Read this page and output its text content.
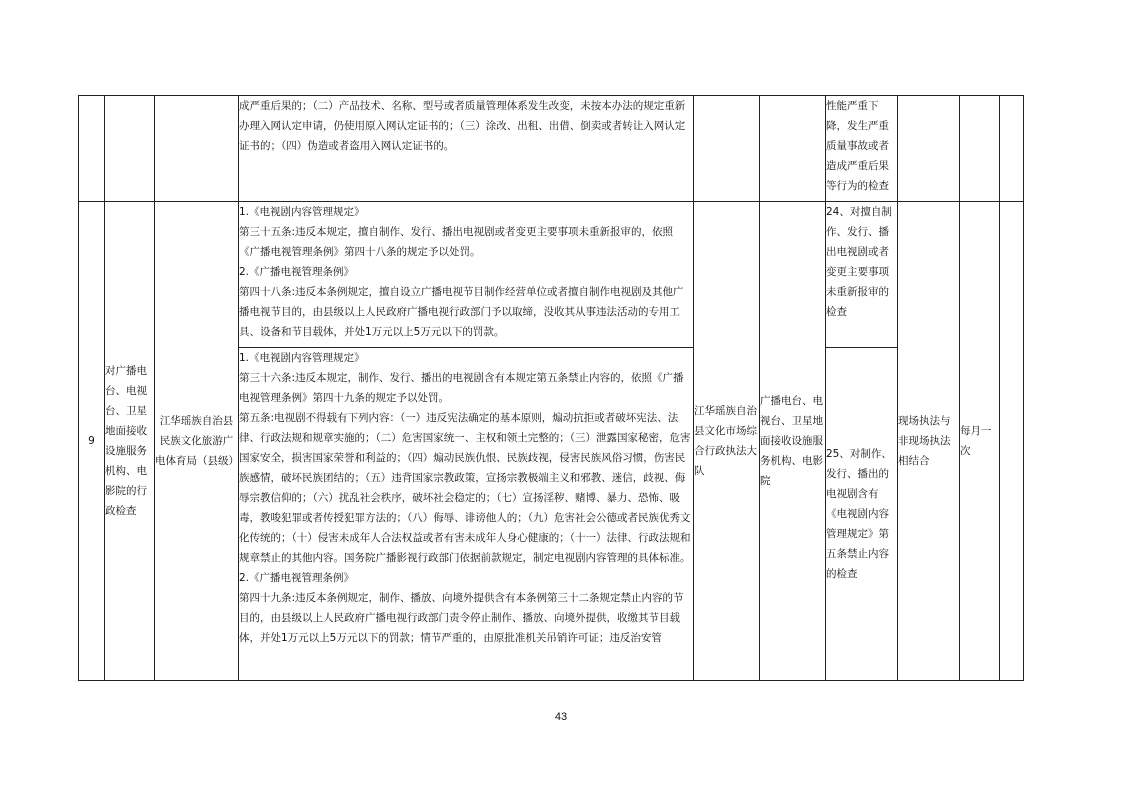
			成严重后果的；（二）产品技术、名称、型号或者质量管理体系发生改变，未按本办法的规定重新办理入网认定申请，仍使用原入网认定证书的；（三）涂改、出租、出借、倒卖或者转让入网认定证书的；（四）伪造或者盗用入网认定证书的。			性能严重下降，发生严重质量事故或者造成严重后果等行为的检查			

9	对广播电台、电视台、卫星地面接收设施服务机构、电影院的行政检查	江华瑶族自治县民族文化旅游广电体育局（县级）	1.《电视剧内容管理规定》

第三十五条:违反本规定，擅自制作、发行、播出电视剧或者变更主要事项未重新报审的，依照《广播电视管理条例》第四十八条的规定予以处罚。

2.《广播电视管理条例》

第四十八条:违反本条例规定，擅自设立广播电视节目制作经营单位或者擅自制作电视剧及其他广播电视节目的，由县级以上人民政府广播电视行政部门予以取缔，没收其从事违法活动的专用工具、设备和节目载体，并处1万元以上5万元以下的罚款。	江华瑶族自治县文化市场综合行政执法大队	广播电台、电视台、卫星地面接收设施服务机构、电影院	24、对擅自制作、发行、播出电视剧或者变更主要事项未重新报审的检查	现场执法与非现场执法相结合	每月一次	

			1.《电视剧内容管理规定》

第三十六条:违反本规定，制作、发行、播出的电视剧含有本规定第五条禁止内容的，依照《广播电视管理条例》第四十九条的规定予以处罚。

第五条:电视剧不得载有下列内容：（一）违反宪法确定的基本原则，煽动抗拒或者破坏宪法、法律、行政法规和规章实施的；（二）危害国家统一、主权和领土完整的；（三）泄露国家秘密，危害国家安全，损害国家荣誉和利益的；（四）煽动民族仇恨、民族歧视，侵害民族风俗习惯，伤害民族感情，破坏民族团结的；（五）违背国家宗教政策，宣扬宗教极端主义和邪教、迷信，歧视、侮辱宗教信仰的；（六）扰乱社会秩序，破坏社会稳定的；（七）宣扬淫秽、赌博、暴力、恐怖、吸毒，教唆犯罪或者传授犯罪方法的；（八）侮辱、诽谤他人的；（九）危害社会公德或者民族优秀文化传统的；（十）侵害未成年人合法权益或者有害未成年人身心健康的；（十一）法律、行政法规和规章禁止的其他内容。国务院广播影视行政部门依据前款规定，制定电视剧内容管理的具体标准。

2.《广播电视管理条例》

第四十九条:违反本条例规定，制作、播放、向境外提供含有本条例第三十二条规定禁止内容的节目的，由县级以上人民政府广播电视行政部门责令停止制作、播放、向境外提供，收缴其节目载体，并处1万元以上5万元以下的罚款；情节严重的，由原批准机关吊销许可证；违反治安管			25、对制作、发行、播出的电视剧含有《电视剧内容管理规定》第五条禁止内容的检查			

43
